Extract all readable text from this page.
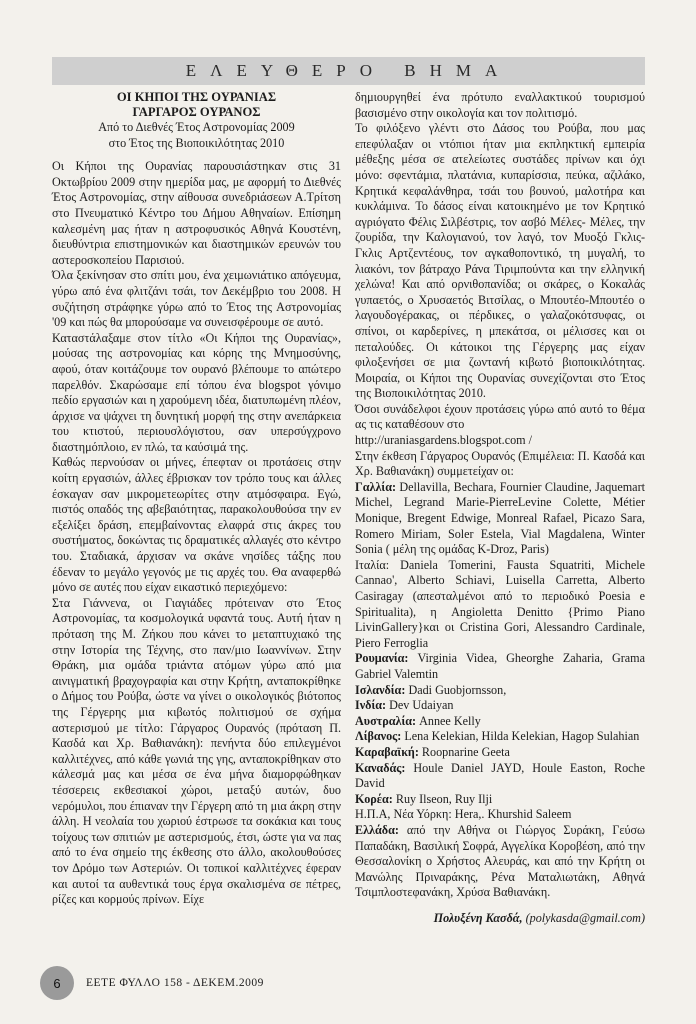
ΕΛΕΥΘΕΡΟ ΒΗΜΑ

ΟΙ ΚΗΠΟΙ ΤΗΣ ΟΥΡΑΝΙΑΣ

ΓΑΡΓΑΡΟΣ ΟΥΡΑΝΟΣ

Από το Διεθνές Έτος Αστρονομίας 2009

στο Έτος της Βιοποικιλότητας 2010

Οι Κήποι της Ουρανίας παρουσιάστηκαν στις 31 Οκτωβρίου 2009 στην ημερίδα μας, με αφορμή το Διεθνές Έτος Αστρονομίας, στην αίθουσα συνεδριάσεων Α.Τρίτση στο Πνευματικό Κέντρο του Δήμου Αθηναίων. Επίσημη καλεσμένη μας ήταν η αστροφυσικός Αθηνά Κουστένη, διευθύντρια επιστημονικών και διαστημικών ερευνών του αστεροσκοπείου Παρισιού.

Όλα ξεκίνησαν στο σπίτι μου, ένα χειμωνιάτικο απόγευμα, γύρω από ένα φλιτζάνι τσάι, τον Δεκέμβριο του 2008. Η συζήτηση στράφηκε γύρω από το Έτος της Αστρονομίας '09 και πώς θα μπορούσαμε να συνεισφέρουμε σε αυτό.

Καταστάλαξαμε στον τίτλο «Οι Κήποι της Ουρανίας», μούσας της αστρονομίας και κόρης της Μνημοσύνης, αφού, όταν κοιτάζουμε τον ουρανό βλέπουμε το απώτερο παρελθόν. Σκαρώσαμε επί τόπου ένα blogspot γόνιμο πεδίο εργασιών και η χαρούμενη ιδέα, διατυπωμένη πλέον, άρχισε να ψάχνει τη δυνητική μορφή της στην ανεπάρκεια του κτιστού, περιουσλόγιστου, σαν υπερσύγχρονο διαστημόπλοιο, εν πλώ, τα καύσιμά της.

Καθώς περνούσαν οι μήνες, έπεφταν οι προτάσεις στην κοίτη εργασιών, άλλες έβρισκαν τον τρόπο τους και άλλες έσκαγαν σαν μικρομετεωρίτες στην ατμόσφαιρα. Εγώ, πιστός οπαδός της αβεβαιότητας, παρακολουθούσα την εν εξελίξει δράση, επεμβαίνοντας ελαφρά στις άκρες του συστήματος, δοκώντας τις δραματικές αλλαγές στο κέντρο του. Σταδιακά, άρχισαν να σκάνε νησίδες τάξης που έδεναν το μεγάλο γεγονός με τις αρχές του. Θα αναφερθώ μόνο σε αυτές που είχαν εικαστικό περιεχόμενο:

Στα Γιάννενα, οι Γιαγιάδες πρότειναν στο Έτος Αστρονομίας, τα κοσμολογικά υφαντά τους. Αυτή ήταν η πρόταση της Μ. Ζήκου που κάνει το μεταπτυχιακό της στην Ιστορία της Τέχνης, στο παν/μιο Ιωαννίνων. Στην Θράκη, μια ομάδα τριάντα ατόμων γύρω από μια αινιγματική βραχογραφία και στην Κρήτη, ανταποκρίθηκε ο Δήμος του Ρούβα, ώστε να γίνει ο οικολογικός βιότοπος της Γέργερης μια κιβωτός πολιτισμού σε σχήμα αστερισμού με τίτλο: Γάργαρος Ουρανός (πρόταση Π. Κασδά και Χρ. Βαθιανάκη): πενήντα δύο επιλεγμένοι καλλιτέχνες, από κάθε γωνιά της γης, ανταποκρίθηκαν στο κάλεσμά μας και μέσα σε ένα μήνα διαμορφώθηκαν τέσσερεις εκθεσιακοί χώροι, μεταξύ αυτών, δυο νερόμυλοι, που έπιαναν την Γέργερη από τη μια άκρη στην άλλη. Η νεολαία του χωριού έστρωσε τα σοκάκια και τους τοίχους των σπιτιών με αστερισμούς, έτσι, ώστε για να πας από το ένα σημείο της έκθεσης στο άλλο, ακολουθούσες τον Δρόμο των Αστεριών. Οι τοπικοί καλλιτέχνες έφεραν και αυτοί τα αυθεντικά τους έργα σκαλισμένα σε πέτρες, ρίζες και κορμούς πρίνων. Είχε

δημιουργηθεί ένα πρότυπο εναλλακτικού τουρισμού βασισμένο στην οικολογία και τον πολιτισμό.

Το φιλόξενο γλέντι στο Δάσος του Ρούβα, που μας επεφύλαξαν οι ντόπιοι ήταν μια εκπληκτική εμπειρία μέθεξης μέσα σε ατελείωτες συστάδες πρίνων και όχι μόνο: σφεντάμια, πλατάνια, κυπαρίσσια, πεύκα, αζιλάκο, Κρητικά κεφαλάνθηρα, τσάι του βουνού, μαλοτήρα και κυκλάμινα. Το δάσος είναι κατοικημένο με τον Κρητικό αγριόγατο Φέλις Σιλβέστρις, τον ασβό Μέλες- Μέλες, την ζουρίδα, την Καλογιανού, τον λαγό, τον Μυοξό Γκλις- Γκλις Αρτζεντέους, τον αγκαθοποντικό, τη μυγαλή, το λιακόνι, τον βάτραχο Ράνα Τιριμπούντα και την ελληνική χελώνα! Και από ορνιθοπανίδα; οι σκάρες, ο Κοκαλάς γυπαετός, ο Χρυσαετός Βιτσίλας, ο Μπουτέο-Μπουτέο ο λαγουδογέρακας, οι πέρδικες, ο γαλαζοκότσυφας, οι σπίνοι, οι καρδερίνες, η μπεκάτσα, οι μέλισσες και οι πεταλούδες. Οι κάτοικοι της Γέργερης μας είχαν φιλοξενήσει σε μια ζωντανή κιβωτό βιοποικιλότητας. Μοιραία, οι Κήποι της Ουρανίας συνεχίζονται στο Έτος της Βιοποικιλότητας 2010.

Όσοι συνάδελφοι έχουν προτάσεις γύρω από αυτό το θέμα ας τις καταθέσουν στο

http://uraniasgardens.blogspot.com /

Στην έκθεση Γάργαρος Ουρανός (Επιμέλεια: Π. Κασδά και Χρ. Βαθιανάκη) συμμετείχαν οι:

Γαλλία: Dellavilla, Bechara, Fournier Claudine, Jaquemart Michel, Legrand Marie-PierreLevine Colette, Métier Monique, Bregent Edwige, Monreal Rafael, Picazo Sara, Romero Miriam, Soler Estela, Vial Magdalena, Winter Sonia ( μέλη της ομάδας K-Droz, Paris)

Ιταλία: Daniela Tomerini, Fausta Squatriti, Michele Cannao', Alberto Schiavi, Luisella Carretta, Alberto Casiragay (απεσταλμένοι από το περιοδικό Poesia e Spiritualita), η Angioletta Denitto {Primo Piano LivinGallery}και οι Cristina Gori, Alessandro Cardinale, Piero Ferroglia

Ρουμανία: Virginia Videa, Gheorghe Zaharia, Grama Gabriel Valemtin

Ισλανδία: Dadi Guobjornsson,

Ινδία: Dev Udaiyan

Αυστραλία: Annee Kelly

Λίβανος: Lena Kelekian, Hilda Kelekian, Hagop Sulahian

Καραβαϊκή: Roopnarine Geeta

Καναδάς: Houle Daniel JAYD, Houle Easton, Roche David

Κορέα: Ruy Ilseon, Ruy Ilji

Η.Π.Α, Νέα Υόρκη: Hera,. Khurshid Saleem

Ελλάδα: από την Αθήνα οι Γιώργος Συράκη, Γεύσω Παπαδάκη, Βασιλική Σοφρά, Αγγελίκα Κοροβέση, από την Θεσσαλονίκη ο Χρήστος Αλευράς, και από την Κρήτη οι Μανώλης Πριναράκης, Ρένα Ματαλιωτάκη, Αθηνά Τσιμπλοστεφανάκη, Χρύσα Βαθιανάκη.

Πολυξένη Κασδά, (polykasda@gmail.com)

6	ΕΕΤΕ ΦΥΛΛΟ 158 - ΔΕΚΕΜ.2009
